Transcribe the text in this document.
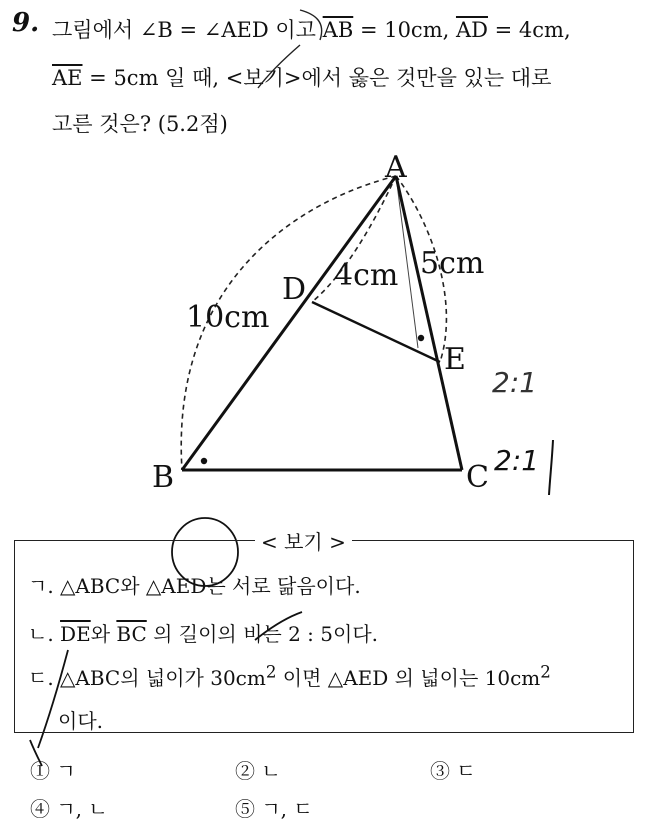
9. 그림에서 ∠B = ∠AED 이고 $\overline{AB} = 10cm$, $\overline{AD} = 4cm$,
$\overline{AE} = 5cm$ 일 때, <보기>에서 옳은 것만을 있는 대로
고른 것은? (5.2점)
A
B	C
D
E
10cm
4cm 5cm
2:1
2:1
< 보기 >
ㄱ. △ABC와 △AED는 서로 닮음이다.
ㄴ. $\overline{DE}$와 $\overline{BC}$ 의 길이의 비는 2 : 5이다.
ㄷ. △ABC의 넓이가 $30cm^2$ 이면 △AED 의 넓이는 $10cm^2$
이다.
① ㄱ	② ㄴ	③ ㄷ
④ ㄱ, ㄴ	⑤ ㄱ, ㄷ
